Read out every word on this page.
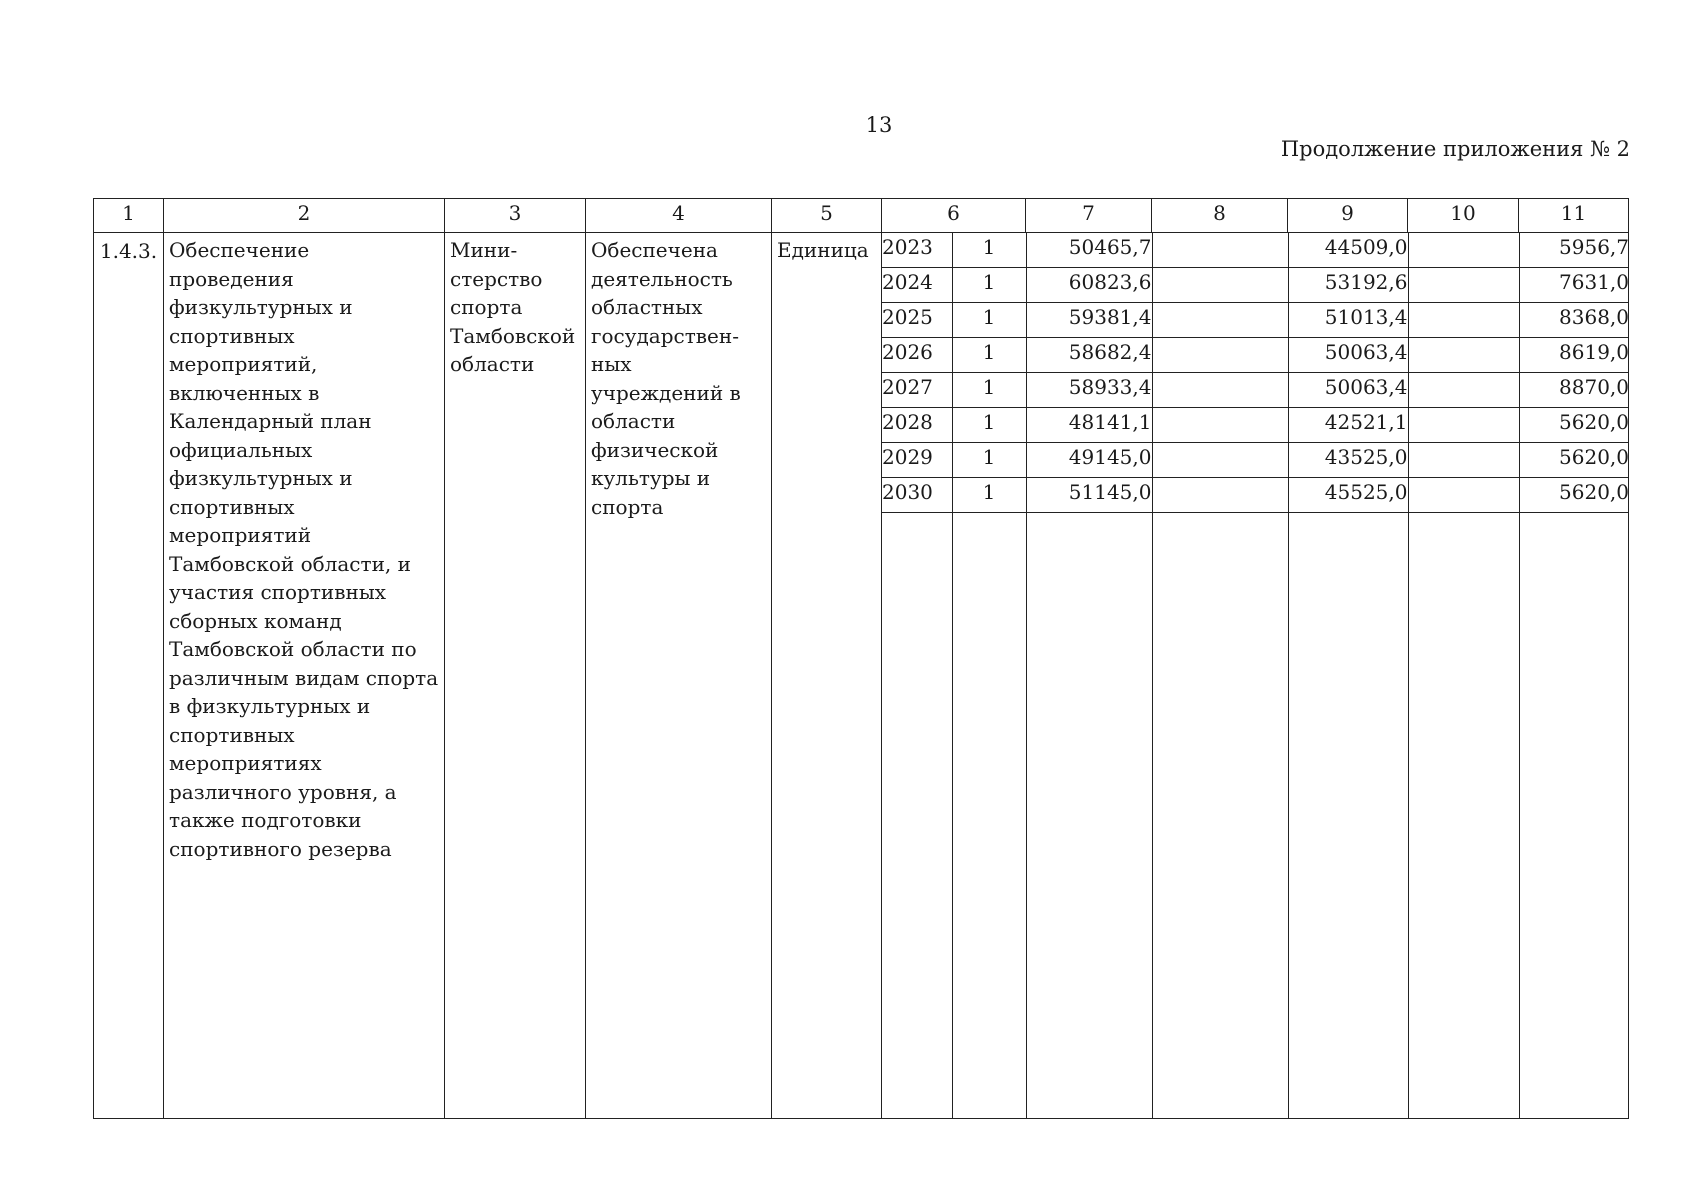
13
Продолжение приложения № 2
1	2	3	4	5	6	7	8	9	10	11
1.4.3.	Обеспечение проведения физкультурных и спортивных мероприятий, включенных в Календарный план официальных физкультурных и спортивных мероприятий Тамбовской области, и участия спортивных сборных команд Тамбовской области по различным видам спорта в физкультурных и спортивных мероприятиях различного уровня, а также подготовки спортивного резерва	Мини-стерство спорта Тамбовской области	Обеспечена деятельность областных государствен-ных учреждений в области физической культуры и спорта	Единица	2023	1	50465,7		44509,0		5956,7
2024	1	60823,6		53192,6		7631,0
2025	1	59381,4		51013,4		8368,0
2026	1	58682,4		50063,4		8619,0
2027	1	58933,4		50063,4		8870,0
2028	1	48141,1		42521,1		5620,0
2029	1	49145,0		43525,0		5620,0
2030	1	51145,0		45525,0		5620,0
